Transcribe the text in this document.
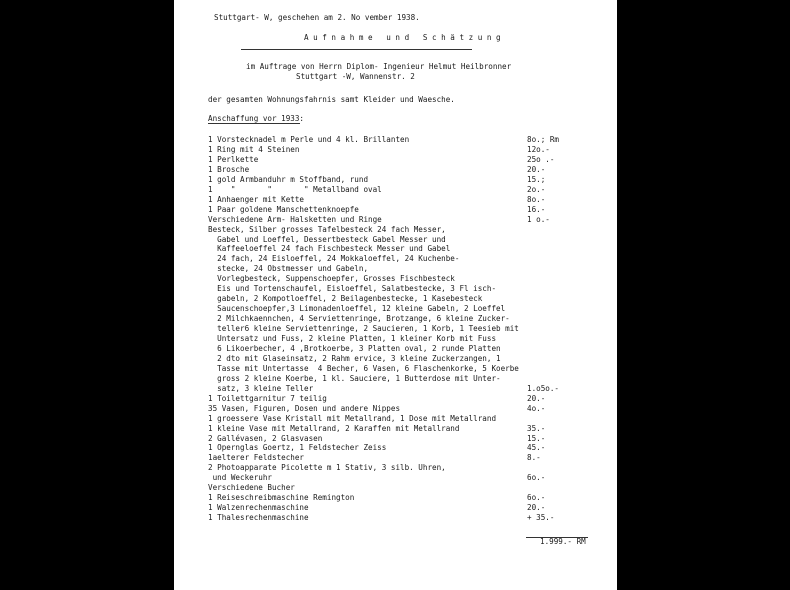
Stuttgart- W, geschehen am 2. No vember 1938.
A u f n a h m e   u n d   S c h ä t z u n g
im Auftrage von Herrn Diplom- Ingenieur Helmut Heilbronner
Stuttgart -W, Wannenstr. 2
der gesamten Wohnungsfahrnis samt Kleider und Waesche.
Anschaffung vor 1933:
1 Vorstecknadel m Perle und 4 kl. Brillanten	8o.; Rm
1 Ring mit 4 Steinen	12o.-
1 Perlkette	25o .-
1 Brosche	20.-
1 gold Armbanduhr m Stoffband, rund	15.;
1    "       "       " Metallband oval	2o.-
1 Anhaenger mit Kette	8o.-
1 Paar goldene Manschettenknoepfe	16.-
Verschiedene Arm- Halsketten und Ringe	1 o.-
Besteck, Silber grosses Tafelbesteck 24 fach Messer,
Gabel und Loeffel, Dessertbesteck Gabel Messer und
Kaffeeloeffel 24 fach Fischbesteck Messer und Gabel
24 fach, 24 Eisloeffel, 24 Mokkaloeffel, 24 Kuchenbe-
stecke, 24 Obstmesser und Gabeln,
Vorlegbesteck, Suppenschoepfer, Grosses Fischbesteck
Eis und Tortenschaufel, Eisloeffel, Salatbestecke, 3 Fl isch-
gabeln, 2 Kompotloeffel, 2 Beilagenbestecke, 1 Kasebesteck
Saucenschoepfer,3 Limonadenloeffel, 12 kleine Gabeln, 2 Loeffel
2 Milchkaennchen, 4 Serviettenringe, Brotzange, 6 kleine Zucker-
teller6 kleine Serviettenringe, 2 Saucieren, 1 Korb, 1 Teesieb mit
Untersatz und Fuss, 2 kleine Platten, 1 kleiner Korb mit Fuss
6 Likoerbecher, 4 ,Brotkoerbe, 3 Platten oval, 2 runde Platten
2 dto mit Glaseinsatz, 2 Rahm ervice, 3 kleine Zuckerzangen, 1
Tasse mit Untertasse  4 Becher, 6 Vasen, 6 Flaschenkorke, 5 Koerbe
gross 2 kleine Koerbe, 1 kl. Sauciere, 1 Butterdose mit Unter-
satz, 3 kleine Teller	1.o5o.-
1 Toilettgarnitur 7 teilig	20.-
35 Vasen, Figuren, Dosen und andere Nippes	4o.-
1 groessere Vase Kristall mit Metallrand, 1 Dose mit Metallrand
1 kleine Vase mit Metallrand, 2 Karaffen mit Metallrand	35.-
2 Gallévasen, 2 Glasvasen	15.-
1 Opernglas Goertz, 1 Feldstecher Zeiss	45.-
1aelterer Feldstecher	8.-
2 Photoapparate Picolette m 1 Stativ, 3 silb. Uhren,
und Weckeruhr	6o.-
Verschiedene Bucher
1 Reiseschreibmaschine Remington	6o.-
1 Walzenrechenmaschine	20.-
1 Thalesrechenmaschine	+ 35.-
1.999.- RM
